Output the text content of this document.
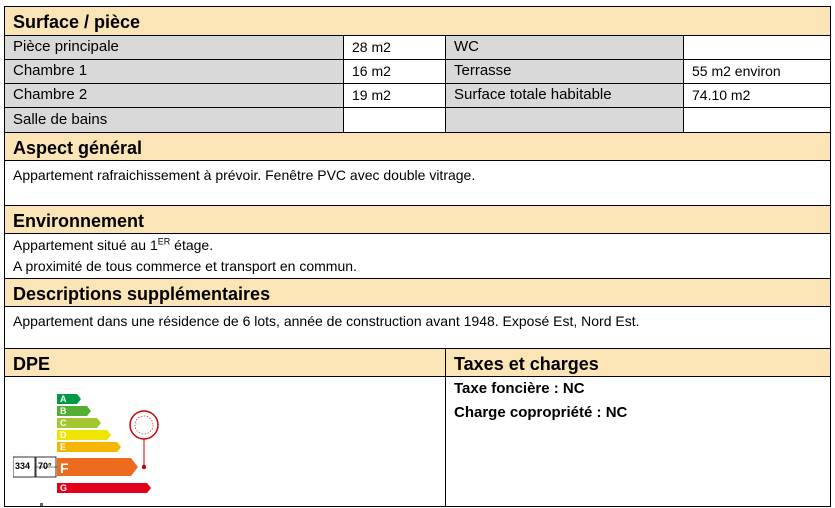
Surface / pièce
Pièce principale	28 m2	WC
Chambre 1	16 m2	Terrasse	55 m2 environ
Chambre 2	19 m2	Surface totale habitable	74.10 m2
Salle de bains
Aspect général
Appartement rafraichissement à prévoir. Fenêtre PVC avec double vitrage.
Environnement
Appartement situé au 1ER étage.
A proximité de tous commerce et transport en commun.
Descriptions supplémentaires
Appartement dans une résidence de 6 lots, année de construction avant 1948. Exposé Est, Nord Est.
DPE	Taxes et charges
····························
A
B
C
D
E
F
G
334 70°
·············
····························
Taxe foncière : NC
Charge copropriété : NC
